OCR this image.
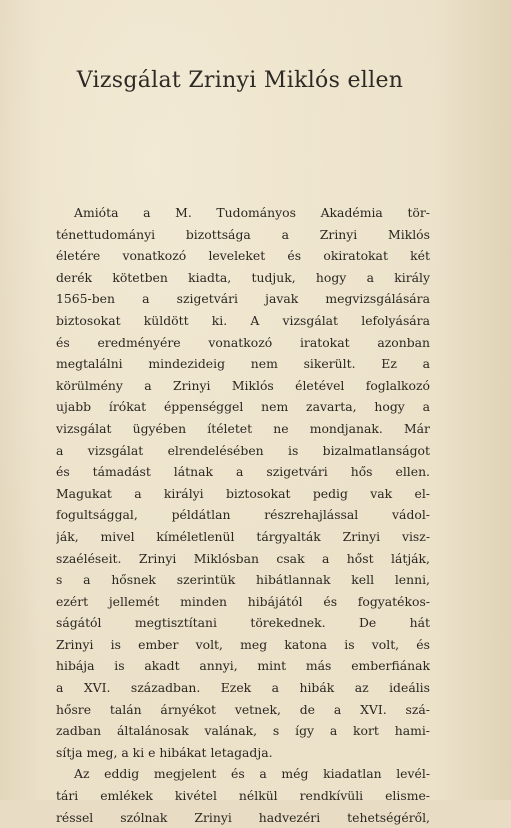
Vizsgálat Zrinyi Miklós ellen
Amióta a M. Tudományos Akadémia tör-
ténettudományi bizottsága a Zrinyi Miklós
életére vonatkozó leveleket és okiratokat két
derék kötetben kiadta, tudjuk, hogy a király
1565-ben a szigetvári javak megvizsgálására
biztosokat küldött ki. A vizsgálat lefolyására
és eredményére vonatkozó iratokat azonban
megtalálni mindezideig nem sikerült. Ez a
körülmény a Zrinyi Miklós életével foglalkozó
ujabb írókat éppenséggel nem zavarta, hogy a
vizsgálat ügyében ítéletet ne mondjanak. Már
a vizsgálat elrendelésében is bizalmatlanságot
és támadást látnak a szigetvári hős ellen.
Magukat a királyi biztosokat pedig vak el-
fogultsággal, példátlan részrehajlással vádol-
ják, mivel kíméletlenül tárgyalták Zrinyi visz-
szaéléseit. Zrinyi Miklósban csak a hőst látják,
s a hősnek szerintük hibátlannak kell lenni,
ezért jellemét minden hibájától és fogyatékos-
ságától megtisztítani törekednek. De hát
Zrinyi is ember volt, meg katona is volt, és
hibája is akadt annyi, mint más emberfiának
a XVI. században. Ezek a hibák az ideális
hősre talán árnyékot vetnek, de a XVI. szá-
zadban általánosak valának, s így a kort hami-
sítja meg, a ki e hibákat letagadja.
Az eddig megjelent és a még kiadatlan levél-
tári emlékek kivétel nélkül rendkívüli elisme-
réssel szólnak Zrinyi hadvezéri tehetségéről,
